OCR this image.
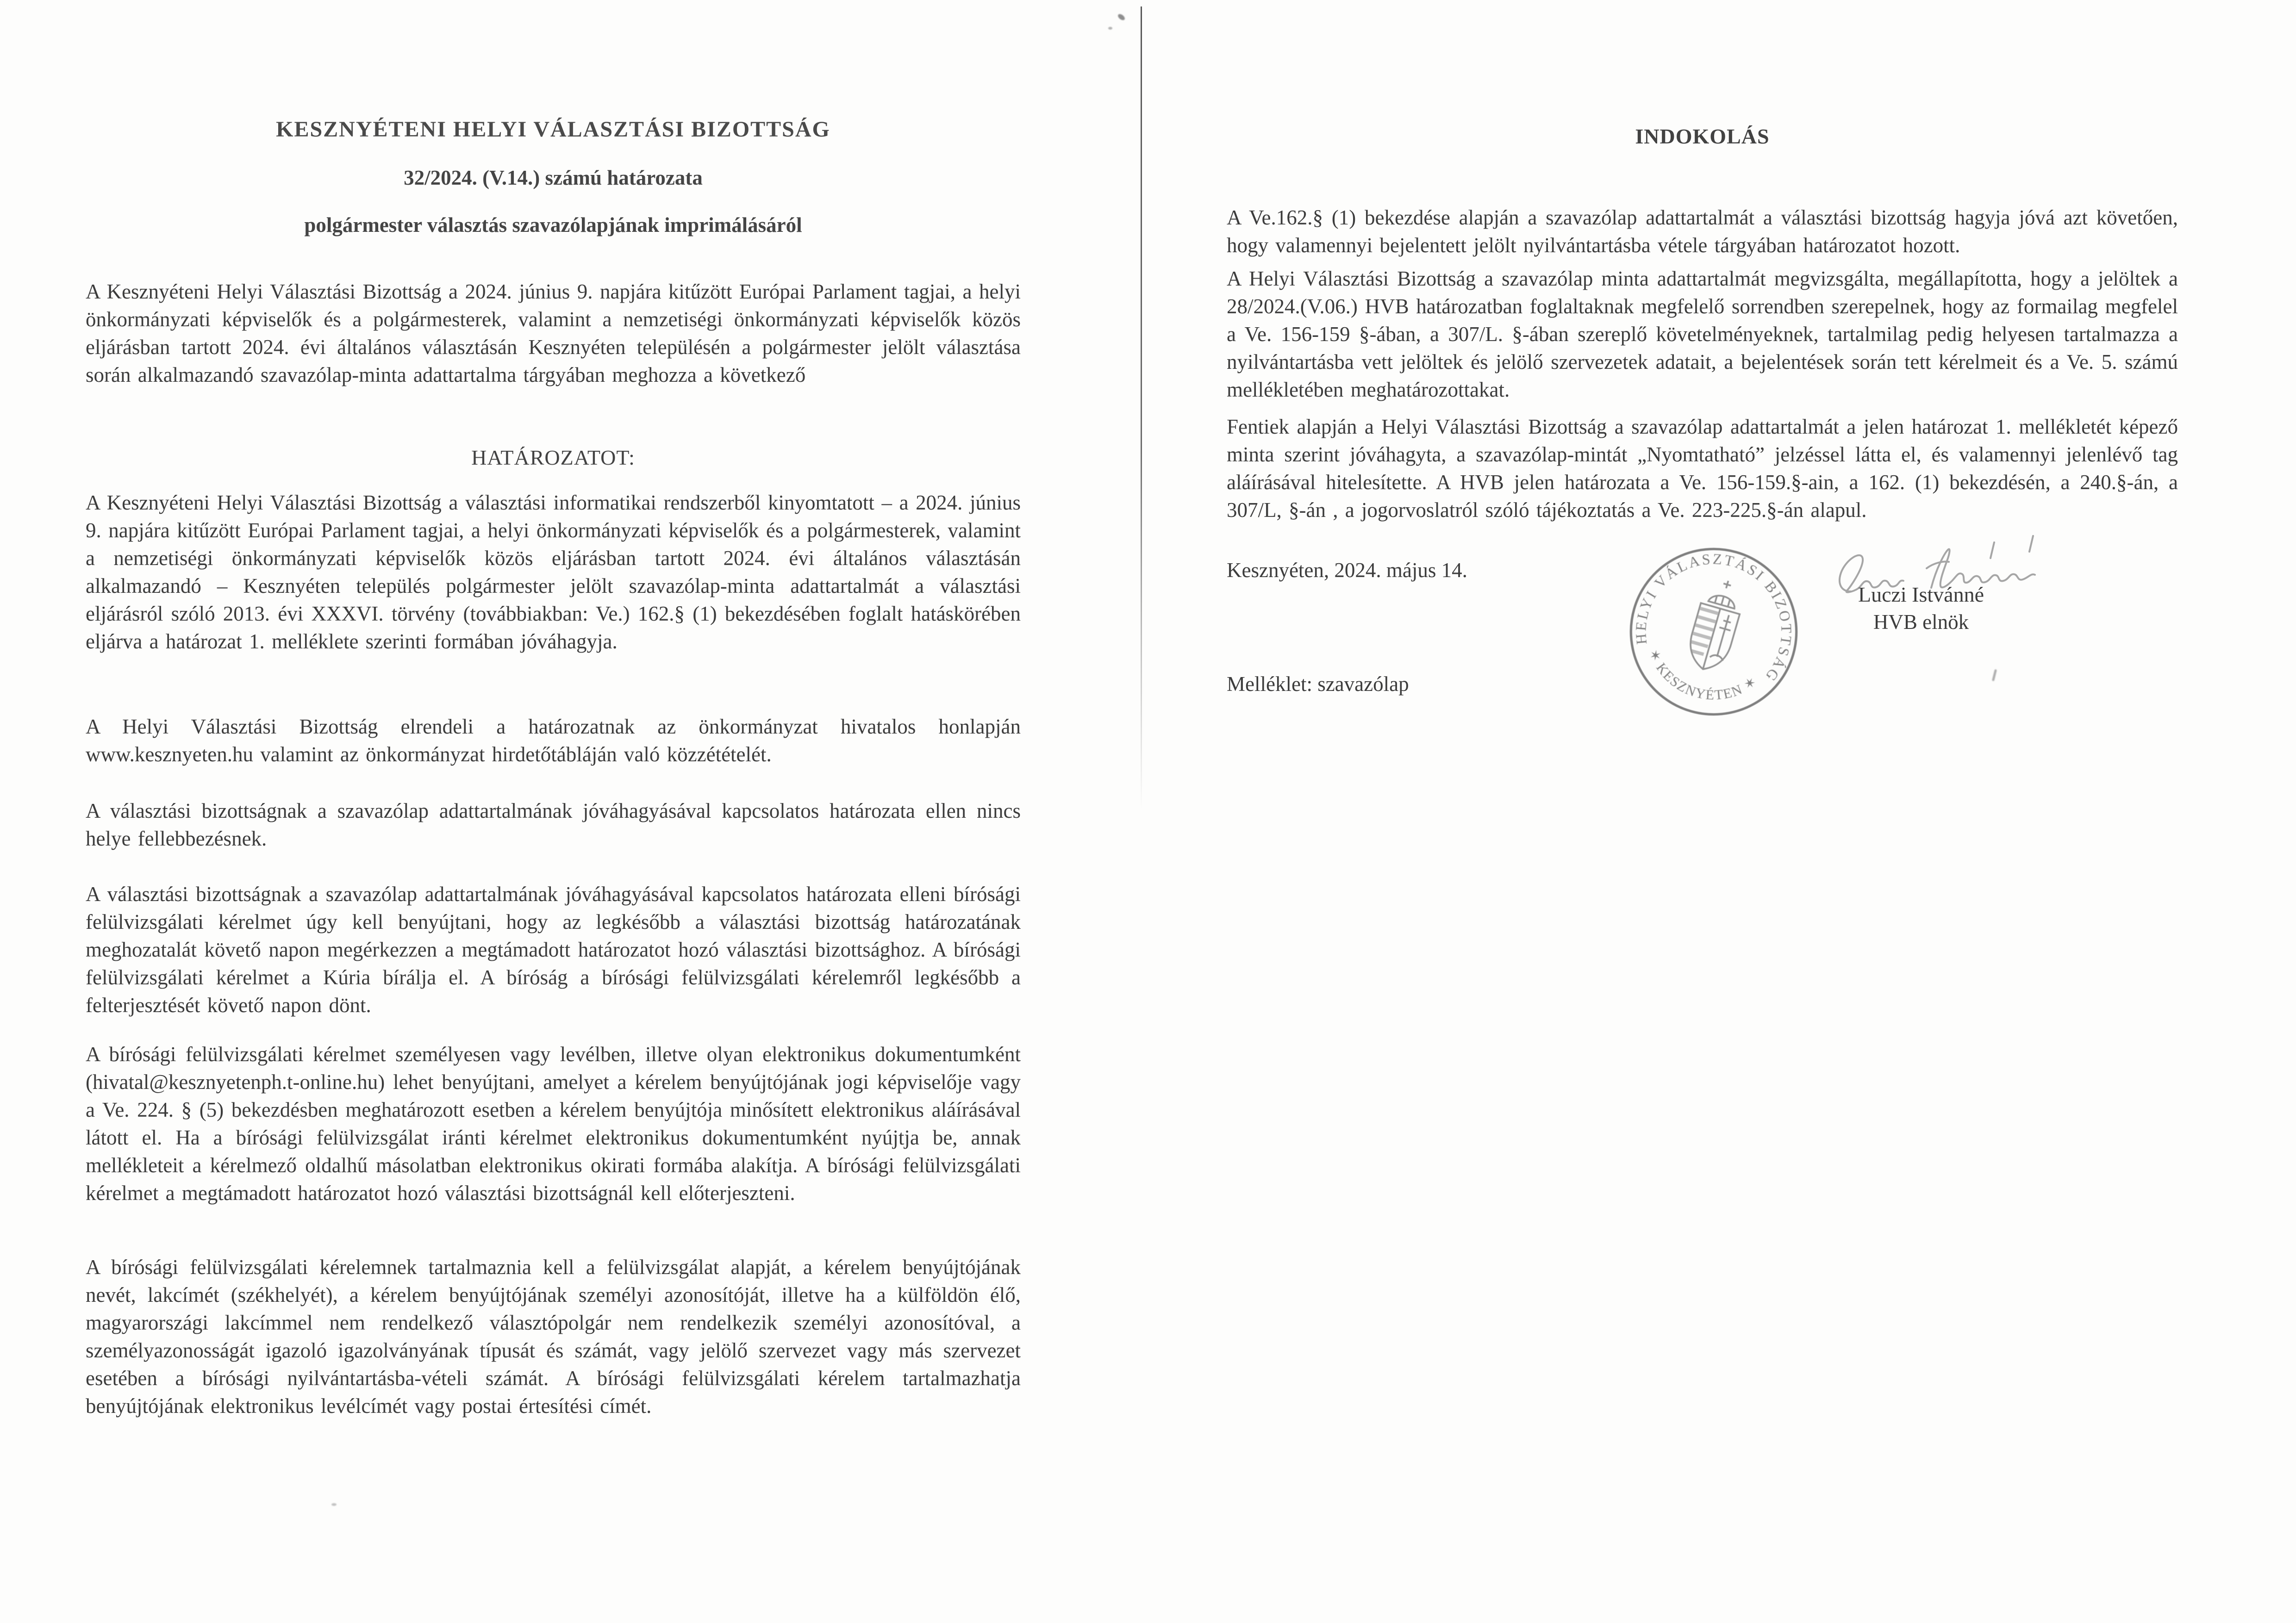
KESZNYÉTENI HELYI VÁLASZTÁSI BIZOTTSÁG
32/2024. (V.14.) számú határozata
polgármester választás szavazólapjának imprimálásáról

A Kesznyéteni Helyi Választási Bizottság a 2024. június 9. napjára kitűzött Európai Parlament tagjai, a helyi önkormányzati képviselők és a polgármesterek, valamint a nemzetiségi önkormányzati képviselők közös eljárásban tartott 2024. évi általános választásán Kesznyéten településén a polgármester jelölt választása során alkalmazandó szavazólap-minta adattartalma tárgyában meghozza a következő

HATÁROZATOT:

A Kesznyéteni Helyi Választási Bizottság a választási informatikai rendszerből kinyomtatott – a 2024. június 9. napjára kitűzött Európai Parlament tagjai, a helyi önkormányzati képviselők és a polgármesterek, valamint a nemzetiségi önkormányzati képviselők közös eljárásban tartott 2024. évi általános választásán alkalmazandó – Kesznyéten település polgármester jelölt szavazólap-minta adattartalmát a választási eljárásról szóló 2013. évi XXXVI. törvény (továbbiakban: Ve.) 162.§ (1) bekezdésében foglalt hatáskörében eljárva a határozat 1. melléklete szerinti formában jóváhagyja.

A Helyi Választási Bizottság elrendeli a határozatnak az önkormányzat hivatalos honlapján www.kesznyeten.hu valamint az önkormányzat hirdetőtábláján való közzétételét.

A választási bizottságnak a szavazólap adattartalmának jóváhagyásával kapcsolatos határozata ellen nincs helye fellebbezésnek.

A választási bizottságnak a szavazólap adattartalmának jóváhagyásával kapcsolatos határozata elleni bírósági felülvizsgálati kérelmet úgy kell benyújtani, hogy az legkésőbb a választási bizottság határozatának meghozatalát követő napon megérkezzen a megtámadott határozatot hozó választási bizottsághoz. A bírósági felülvizsgálati kérelmet a Kúria bírálja el. A bíróság a bírósági felülvizsgálati kérelemről legkésőbb a felterjesztését követő napon dönt.

A bírósági felülvizsgálati kérelmet személyesen vagy levélben, illetve olyan elektronikus dokumentumként (hivatal@kesznyetenph.t-online.hu) lehet benyújtani, amelyet a kérelem benyújtójának jogi képviselője vagy a Ve. 224. § (5) bekezdésben meghatározott esetben a kérelem benyújtója minősített elektronikus aláírásával látott el. Ha a bírósági felülvizsgálat iránti kérelmet elektronikus dokumentumként nyújtja be, annak mellékleteit a kérelmező oldalhű másolatban elektronikus okirati formába alakítja. A bírósági felülvizsgálati kérelmet a megtámadott határozatot hozó választási bizottságnál kell előterjeszteni.

A bírósági felülvizsgálati kérelemnek tartalmaznia kell a felülvizsgálat alapját, a kérelem benyújtójának nevét, lakcímét (székhelyét), a kérelem benyújtójának személyi azonosítóját, illetve ha a külföldön élő, magyarországi lakcímmel nem rendelkező választópolgár nem rendelkezik személyi azonosítóval, a személyazonosságát igazoló igazolványának típusát és számát, vagy jelölő szervezet vagy más szervezet esetében a bírósági nyilvántartásba-vételi számát. A bírósági felülvizsgálati kérelem tartalmazhatja benyújtójának elektronikus levélcímét vagy postai értesítési címét.

INDOKOLÁS

A Ve.162.§ (1) bekezdése alapján a szavazólap adattartalmát a választási bizottság hagyja jóvá azt követően, hogy valamennyi bejelentett jelölt nyilvántartásba vétele tárgyában határozatot hozott.

A Helyi Választási Bizottság a szavazólap minta adattartalmát megvizsgálta, megállapította, hogy a jelöltek a 28/2024.(V.06.) HVB határozatban foglaltaknak megfelelő sorrendben szerepelnek, hogy az formailag megfelel a Ve. 156-159 §-ában, a 307/L. §-ában szereplő követelményeknek, tartalmilag pedig helyesen tartalmazza a nyilvántartásba vett jelöltek és jelölő szervezetek adatait, a bejelentések során tett kérelmeit és a Ve. 5. számú mellékletében meghatározottakat.

Fentiek alapján a Helyi Választási Bizottság a szavazólap adattartalmát a jelen határozat 1. mellékletét képező minta szerint jóváhagyta, a szavazólap-mintát „Nyomtatható” jelzéssel látta el, és valamennyi jelenlévő tag aláírásával hitelesítette. A HVB jelen határozata a Ve. 156-159.§-ain, a 162. (1) bekezdésén, a 240.§-án, a 307/L, §-án , a jogorvoslatról szóló tájékoztatás a Ve. 223-225.§-án alapul.

Kesznyéten, 2024. május 14.

HELYI VÁLASZTÁSI BIZOTTSÁG
✶ KESZNYÉTEN ✶
Luczi Istvánné
HVB elnök

Melléklet: szavazólap
